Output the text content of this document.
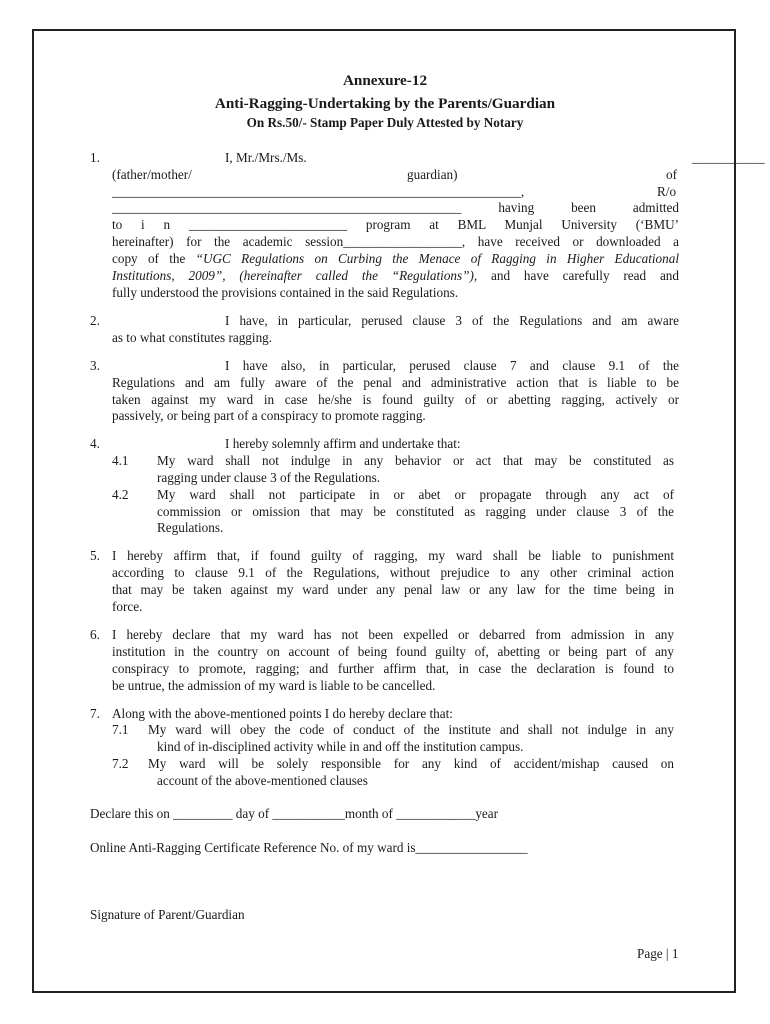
Annexure-12
Anti-Ragging-Undertaking by the Parents/Guardian
On Rs.50/- Stamp Paper Duly Attested by Notary
1.	I, Mr./Mrs./Ms.	___________
(father/mother/	guardian)	of
______________________________________________________________,	R/o
_____________________________________________________ having been admitted
to i n ________________________ program at BML Munjal University (‘BMU’
hereinafter) for the academic session__________________, have received or downloaded a
copy of the “UGC Regulations on Curbing the Menace of Ragging in Higher Educational
Institutions, 2009”, (hereinafter called the “Regulations”), and have carefully read and
fully understood the provisions contained in the said Regulations.
2.	I have, in particular, perused clause 3 of the Regulations and am aware
as to what constitutes ragging.
3.	I have also, in particular, perused clause 7 and clause 9.1 of the
Regulations and am fully aware of the penal and administrative action that is liable to be
taken against my ward in case he/she is found guilty of or abetting ragging, actively or
passively, or being part of a conspiracy to promote ragging.
4.	I hereby solemnly affirm and undertake that:
4.1 My ward shall not indulge in any behavior or act that may be constituted as
ragging under clause 3 of the Regulations.
4.2 My ward shall not participate in or abet or propagate through any act of
commission or omission that may be constituted as ragging under clause 3 of the
Regulations.
5. I hereby affirm that, if found guilty of ragging, my ward shall be liable to punishment
according to clause 9.1 of the Regulations, without prejudice to any other criminal action
that may be taken against my ward under any penal law or any law for the time being in
force.
6. I hereby declare that my ward has not been expelled or debarred from admission in any
institution in the country on account of being found guilty of, abetting or being part of any
conspiracy to promote, ragging; and further affirm that, in case the declaration is found to
be untrue, the admission of my ward is liable to be cancelled.
7. Along with the above-mentioned points I do hereby declare that:
7.1 My ward will obey the code of conduct of the institute and shall not indulge in any
kind of in-disciplined activity while in and off the institution campus.
7.2 My ward will be solely responsible for any kind of accident/mishap caused on
account of the above-mentioned clauses
Declare this on _________ day of ___________month of ____________year
Online Anti-Ragging Certificate Reference No. of my ward is_________________
Signature of Parent/Guardian
Page | 1
